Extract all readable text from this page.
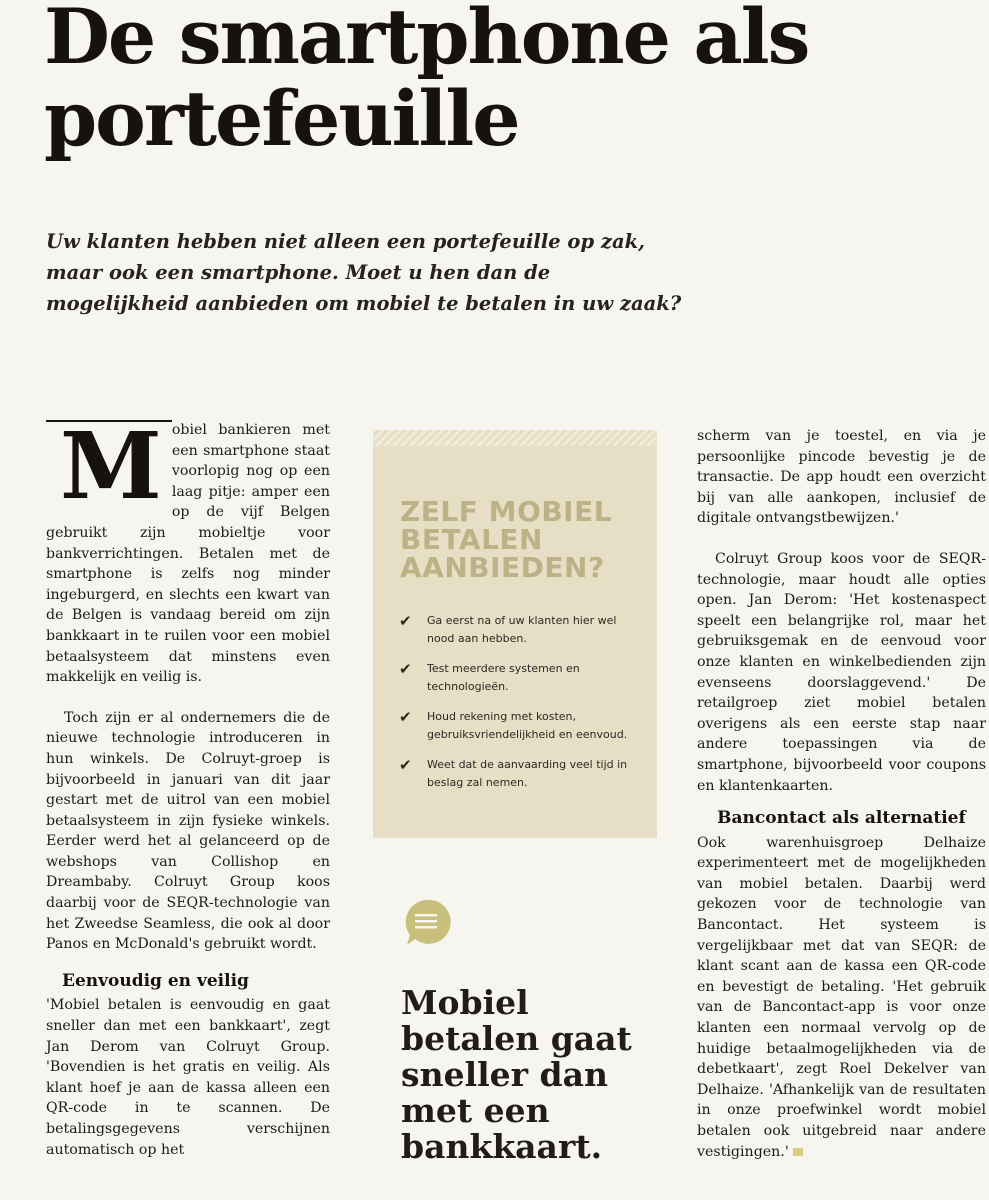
De smartphone als
portefeuille

Uw klanten hebben niet alleen een portefeuille op zak, maar ook een smartphone. Moet u hen dan de mogelijkheid aanbieden om mobiel te betalen in uw zaak?

M obiel bankieren met een smartphone staat voorlopig nog op een laag pitje: amper een op de vijf Belgen gebruikt zijn mobieltje voor bankverrichtingen. Betalen met de smartphone is zelfs nog minder ingeburgerd, en slechts een kwart van de Belgen is vandaag bereid om zijn bankkaart in te ruilen voor een mobiel betaalsysteem dat minstens even makkelijk en veilig is.

Toch zijn er al ondernemers die de nieuwe technologie introduceren in hun winkels. De Colruyt-groep is bijvoorbeeld in januari van dit jaar gestart met de uitrol van een mobiel betaalsysteem in zijn fysieke winkels. Eerder werd het al gelanceerd op de webshops van Collishop en Dreambaby. Colruyt Group koos daarbij voor de SEQR-technologie van het Zweedse Seamless, die ook al door Panos en McDonald's gebruikt wordt.

Eenvoudig en veilig

'Mobiel betalen is eenvoudig en gaat sneller dan met een bankkaart', zegt Jan Derom van Colruyt Group. 'Bovendien is het gratis en veilig. Als klant hoef je aan de kassa alleen een QR-code in te scannen. De betalingsgegevens verschijnen automatisch op het

ZELF MOBIEL
BETALEN
AANBIEDEN?
✔ Ga eerst na of uw klanten hier wel nood aan hebben.
✔ Test meerdere systemen en technologieën.
✔ Houd rekening met kosten, gebruiksvriendelijkheid en eenvoud.
✔ Weet dat de aanvaarding veel tijd in beslag zal nemen.

Mobiel betalen gaat sneller dan met een bankkaart.

scherm van je toestel, en via je persoonlijke pincode bevestig je de transactie. De app houdt een overzicht bij van alle aankopen, inclusief de digitale ontvangstbewijzen.'

Colruyt Group koos voor de SEQR-technologie, maar houdt alle opties open. Jan Derom: 'Het kostenaspect speelt een belangrijke rol, maar het gebruiksgemak en de eenvoud voor onze klanten en winkelbedienden zijn evenseens doorslaggevend.' De retailgroep ziet mobiel betalen overigens als een eerste stap naar andere toepassingen via de smartphone, bijvoorbeeld voor coupons en klantenkaarten.

Bancontact als alternatief

Ook warenhuisgroep Delhaize experimenteert met de mogelijkheden van mobiel betalen. Daarbij werd gekozen voor de technologie van Bancontact. Het systeem is vergelijkbaar met dat van SEQR: de klant scant aan de kassa een QR-code en bevestigt de betaling. 'Het gebruik van de Bancontact-app is voor onze klanten een normaal vervolg op de huidige betaalmogelijkheden via de debetkaart', zegt Roel Dekelver van Delhaize. 'Afhankelijk van de resultaten in onze proefwinkel wordt mobiel betalen ook uitgebreid naar andere vestigingen.'
